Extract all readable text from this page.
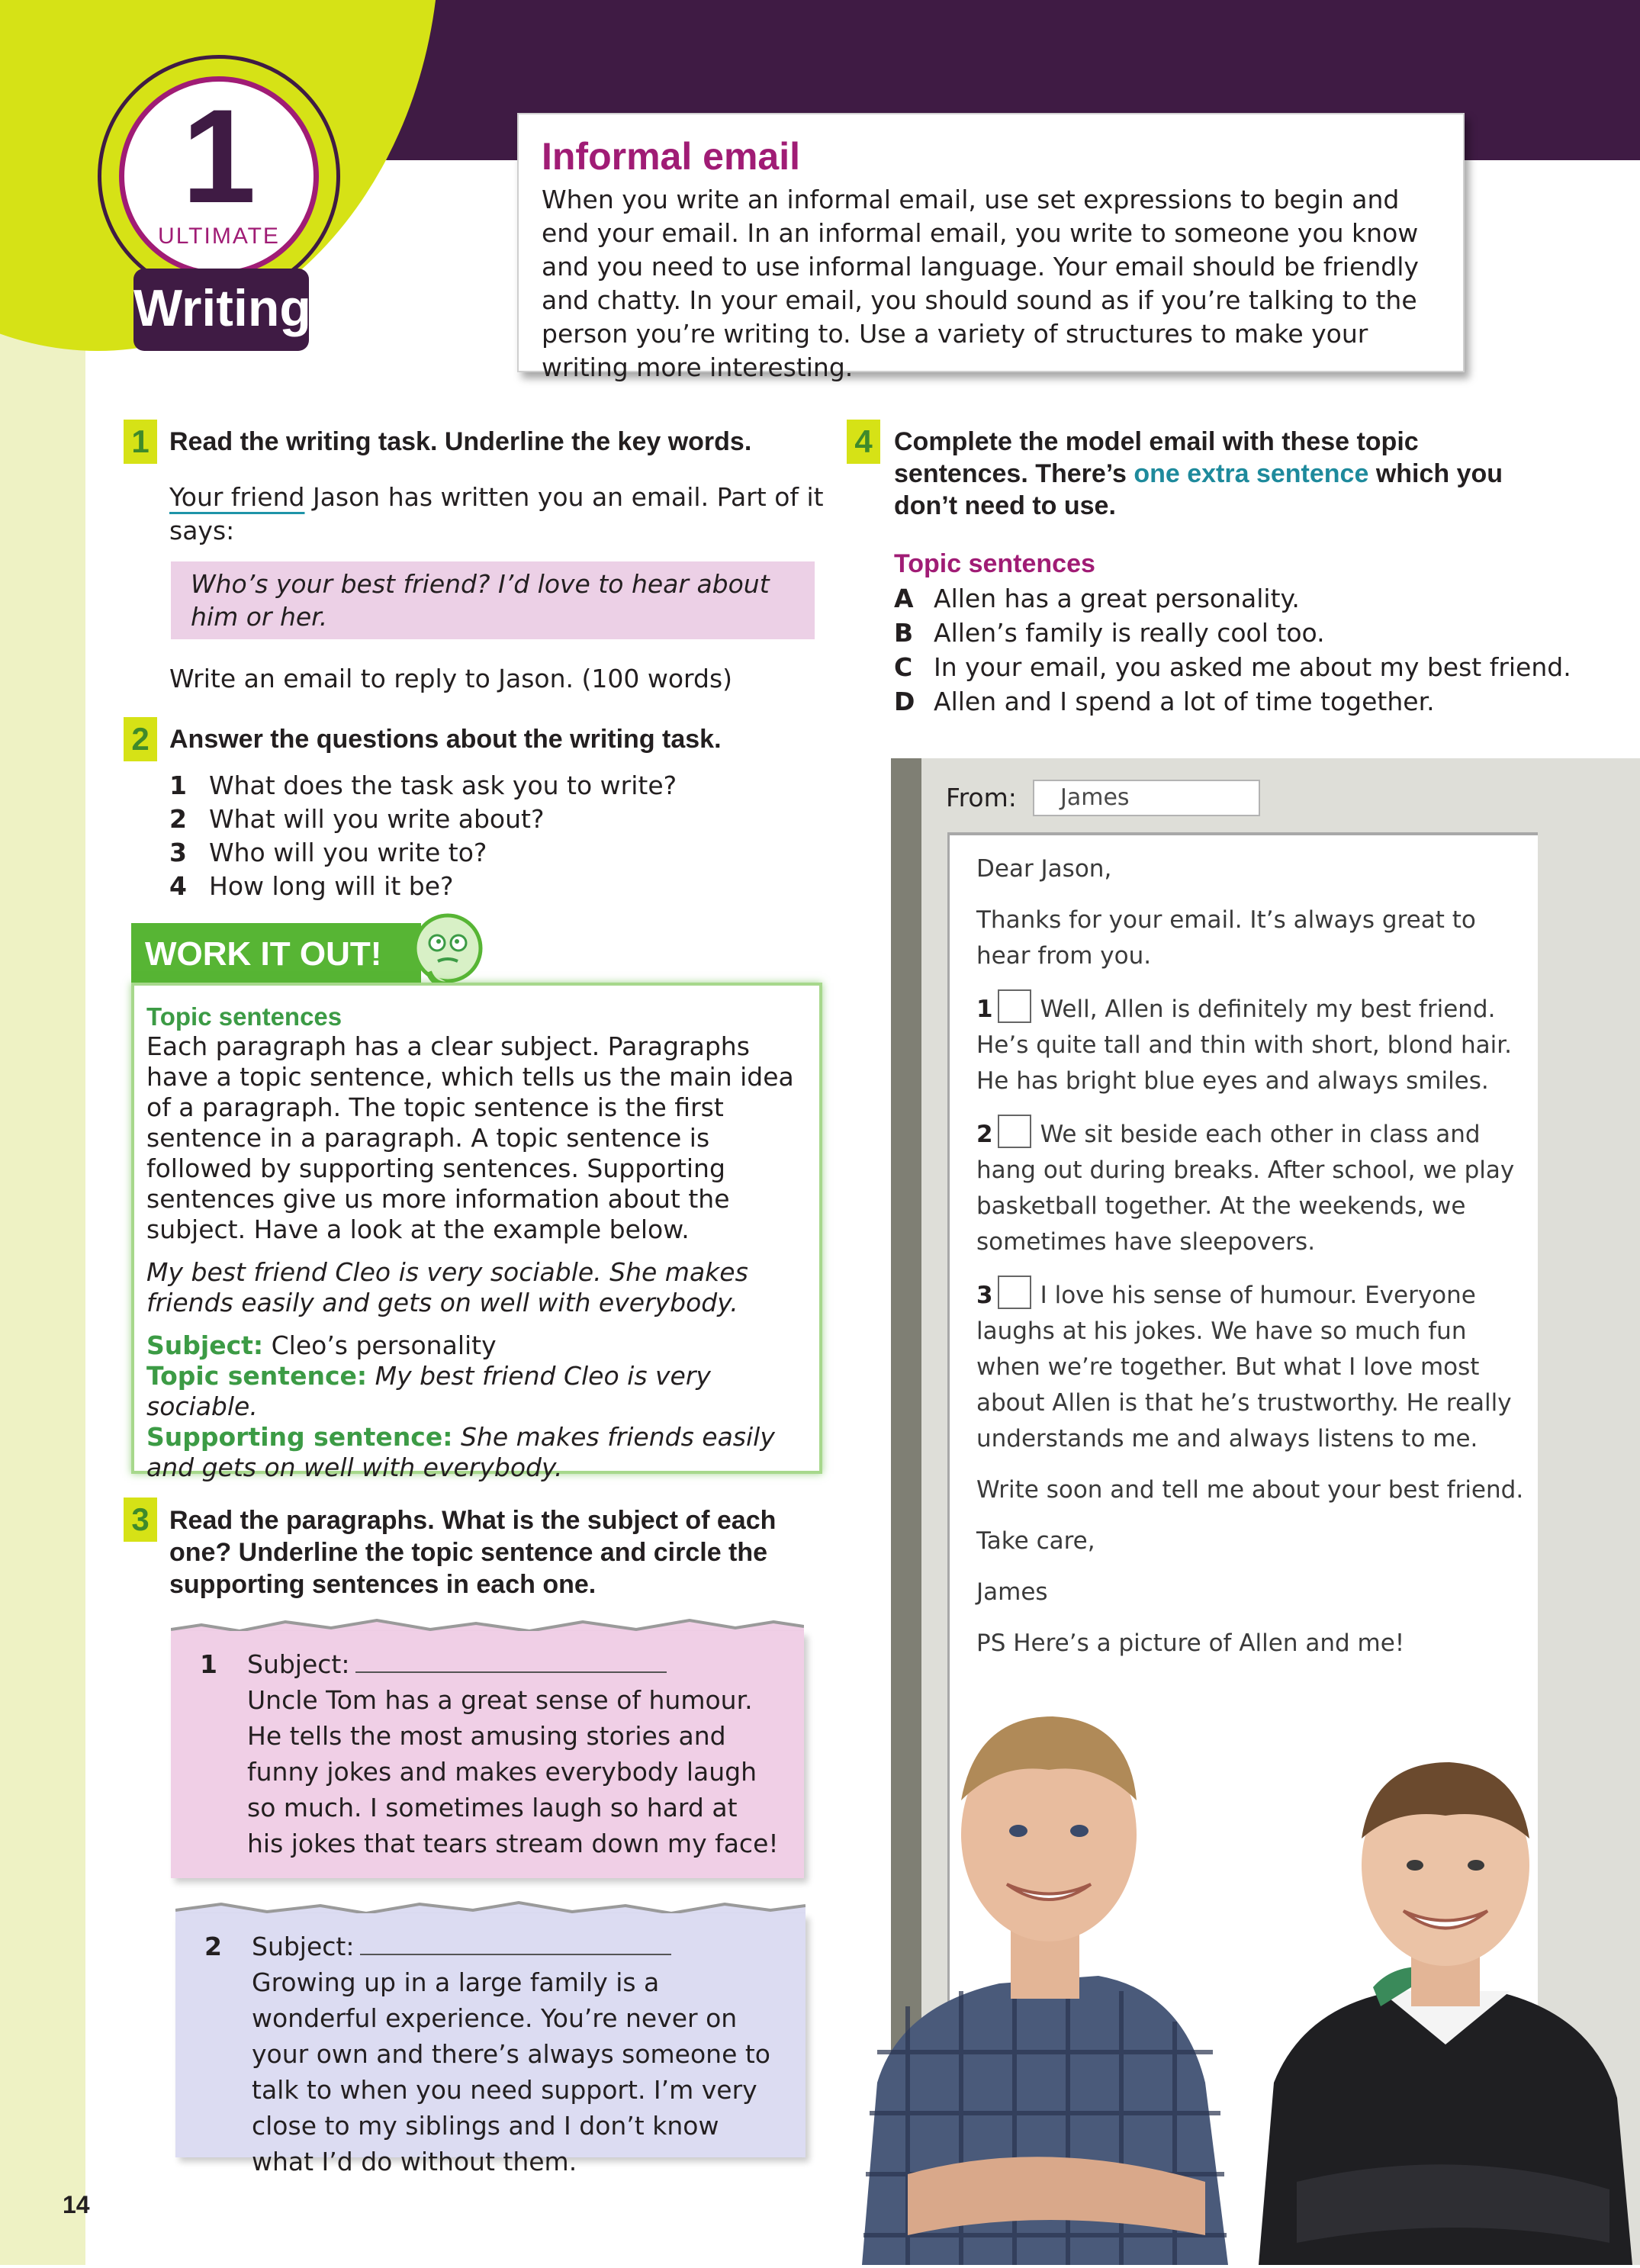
1
ULTIMATE
Writing
Informal email
When you write an informal email, use set expressions to begin and end your email. In an informal email, you write to someone you know and you need to use informal language. Your email should be friendly and chatty. In your email, you should sound as if you’re talking to the person you’re writing to. Use a variety of structures to make your writing more interesting.
1 Read the writing task. Underline the key words.
Your friend Jason has written you an email. Part of it says:
Who’s your best friend? I’d love to hear about him or her.
Write an email to reply to Jason. (100 words)
2 Answer the questions about the writing task.
1 What does the task ask you to write?
2 What will you write about?
3 Who will you write to?
4 How long will it be?
WORK IT OUT!
Topic sentences
Each paragraph has a clear subject. Paragraphs have a topic sentence, which tells us the main idea of a paragraph. The topic sentence is the first sentence in a paragraph. A topic sentence is followed by supporting sentences. Supporting sentences give us more information about the subject. Have a look at the example below.
My best friend Cleo is very sociable. She makes friends easily and gets on well with everybody.
Subject: Cleo’s personality
Topic sentence: My best friend Cleo is very sociable.
Supporting sentence: She makes friends easily and gets on well with everybody.
3 Read the paragraphs. What is the subject of each one? Underline the topic sentence and circle the supporting sentences in each one.
1	Subject:
Uncle Tom has a great sense of humour. He tells the most amusing stories and funny jokes and makes everybody laugh so much. I sometimes laugh so hard at his jokes that tears stream down my face!
2	Subject:
Growing up in a large family is a wonderful experience. You’re never on your own and there’s always someone to talk to when you need support. I’m very close to my siblings and I don’t know what I’d do without them.
4 Complete the model email with these topic sentences. There’s one extra sentence which you don’t need to use.
Topic sentences
A Allen has a great personality.
B Allen’s family is really cool too.
C In your email, you asked me about my best friend.
D Allen and I spend a lot of time together.
From:	James

Dear Jason,

Thanks for your email. It’s always great to hear from you.

1 Well, Allen is definitely my best friend. He’s quite tall and thin with short, blond hair. He has bright blue eyes and always smiles.

2 We sit beside each other in class and hang out during breaks. After school, we play basketball together. At the weekends, we sometimes have sleepovers.

3 I love his sense of humour. Everyone laughs at his jokes. We have so much fun when we’re together. But what I love most about Allen is that he’s trustworthy. He really understands me and always listens to me.

Write soon and tell me about your best friend.

Take care,

James

PS Here’s a picture of Allen and me!

14
